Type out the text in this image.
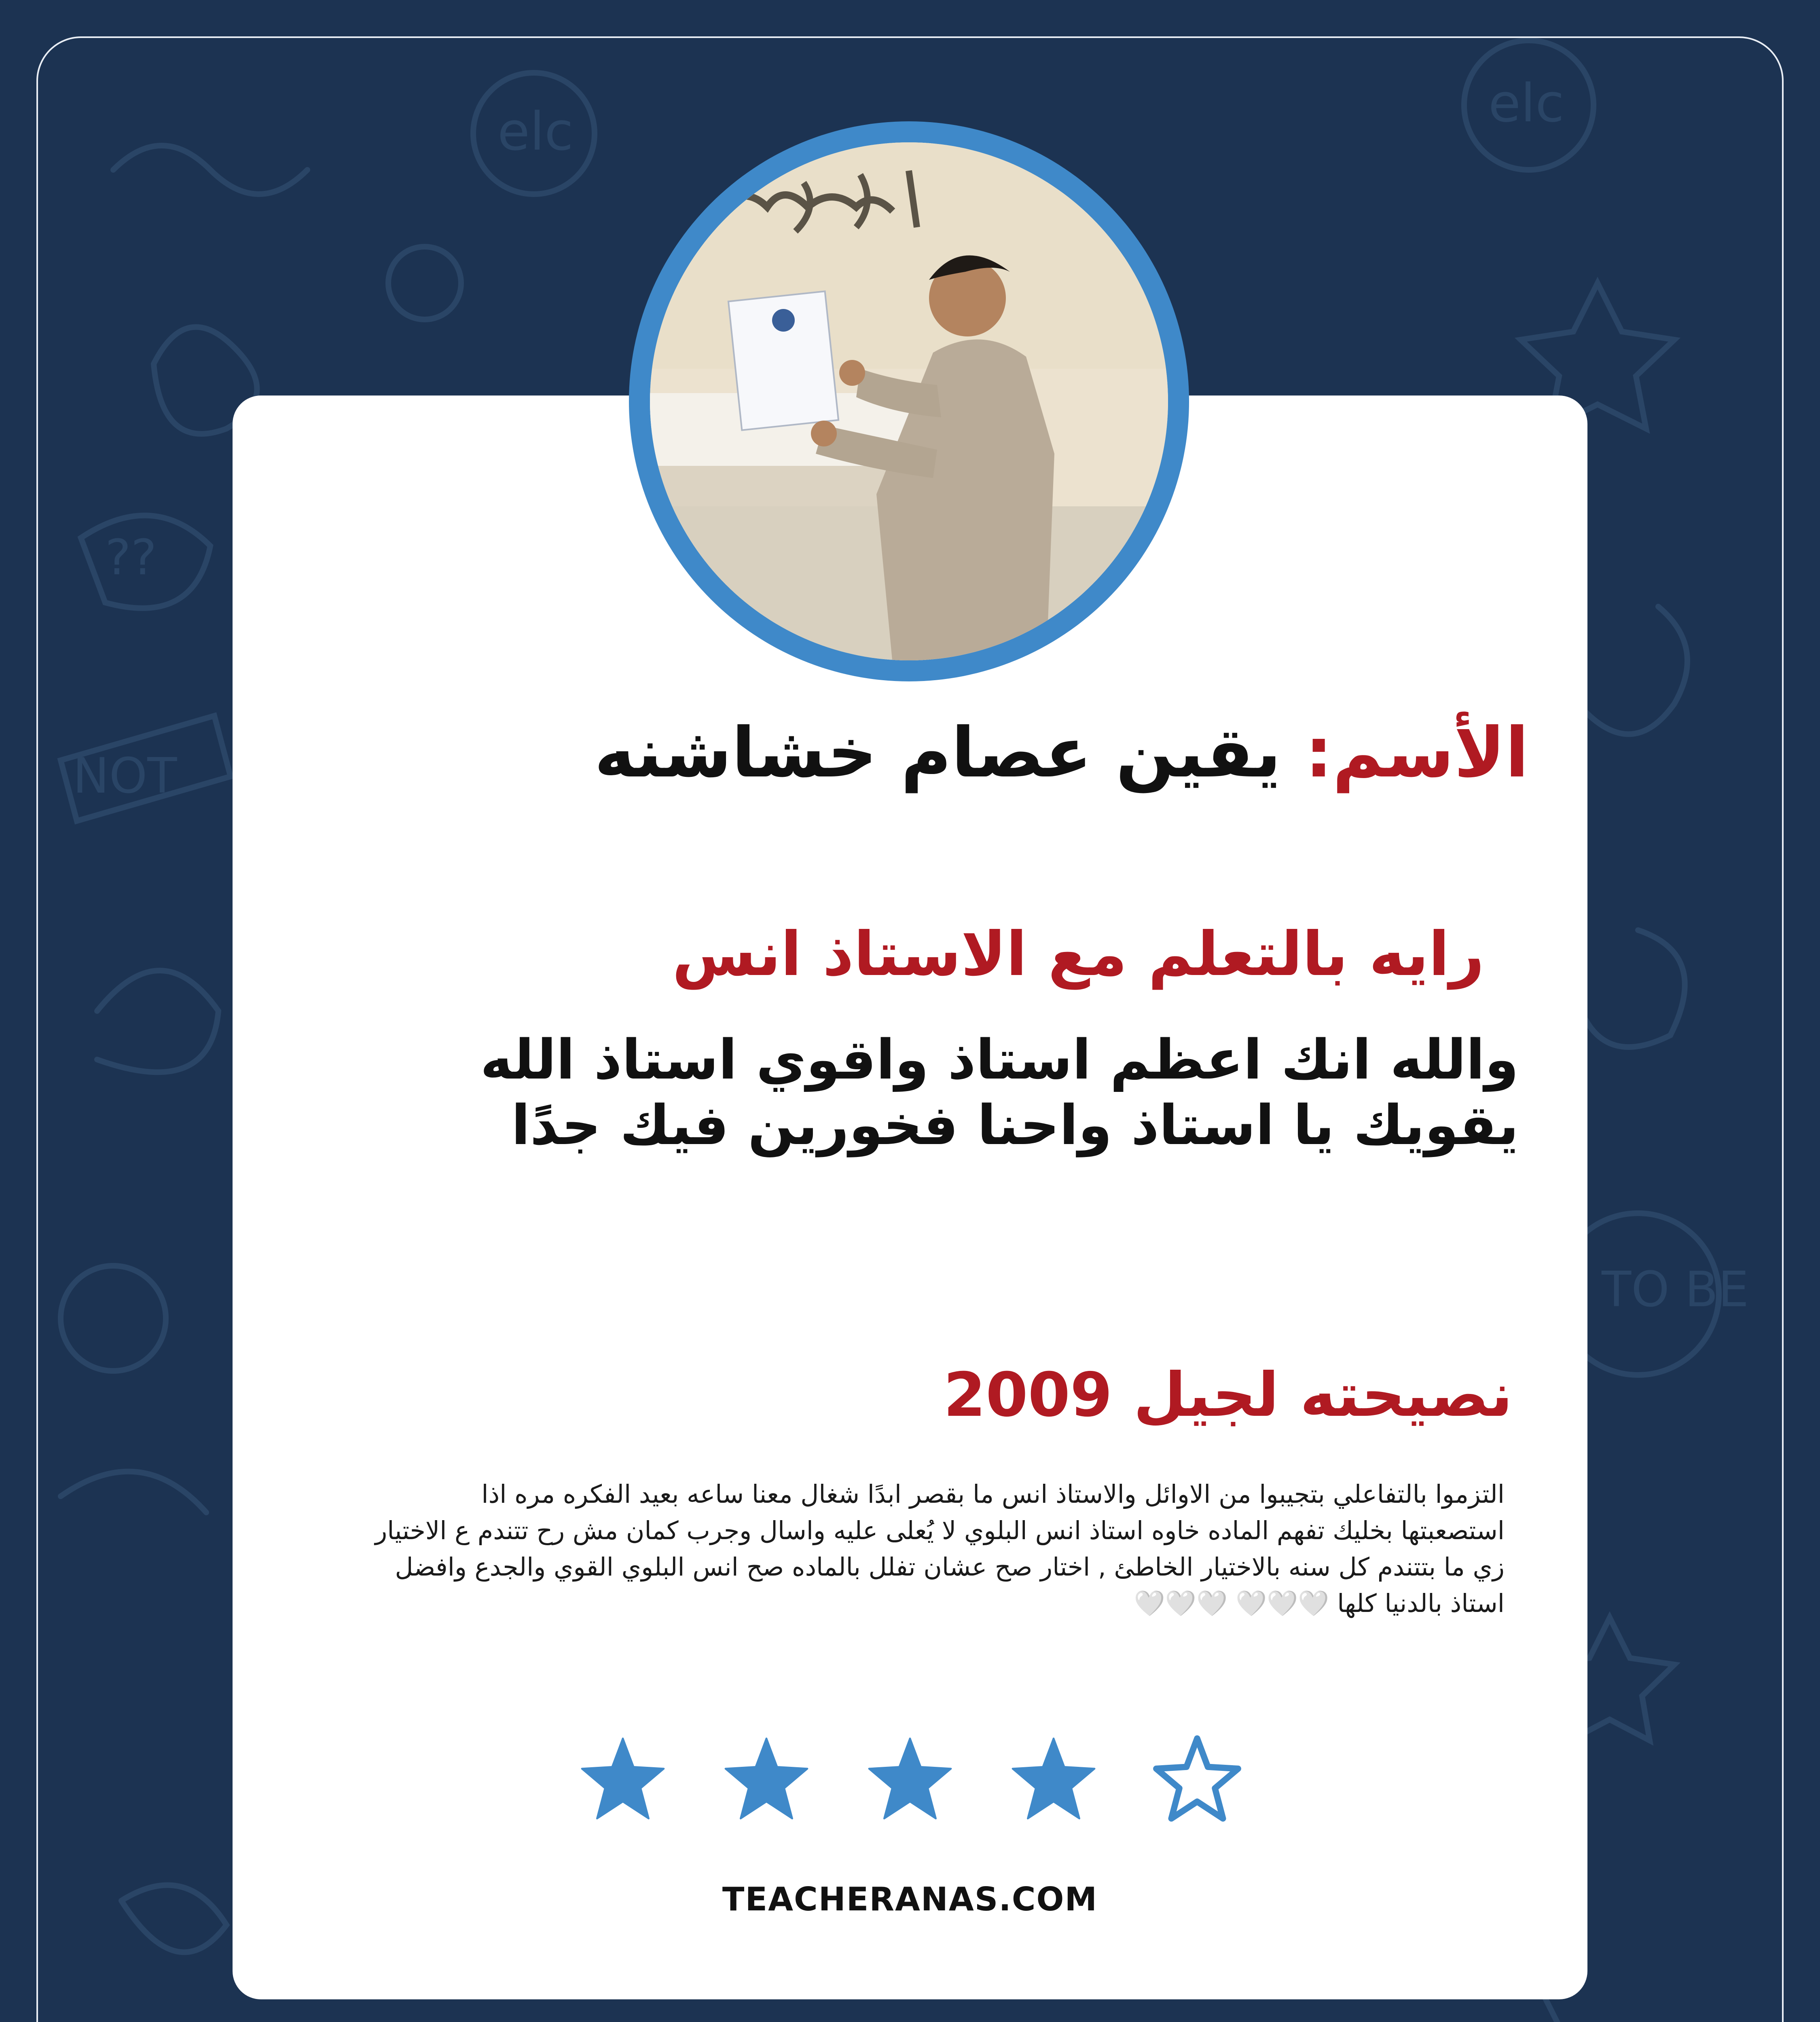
elc	elc
??
NOT
TO BE
الأسم: يقين عصام خشاشنه
رايه بالتعلم مع الاستاذ انس
والله انك اعظم استاذ واقوي استاذ الله
يقويك يا استاذ واحنا فخورين فيك جدًا
نصيحته لجيل 2009
التزموا بالتفاعلي بتجيبوا من الاوائل والاستاذ انس ما بقصر ابدًا شغال معنا ساعه بعيد الفكره مره اذا استصعبتها بخليك تفهم الماده خاوه استاذ انس البلوي لا يُعلى عليه واسال وجرب كمان مش رح تتندم ع الاختيار زي ما بتتندم كل سنه بالاختيار الخاطئ , اختار صح عشان تفلل بالماده صح انس البلوي القوي والجدع وافضل استاذ بالدنيا كلها 🤍🤍🤍 🤍🤍🤍
TEACHERANAS.COM
